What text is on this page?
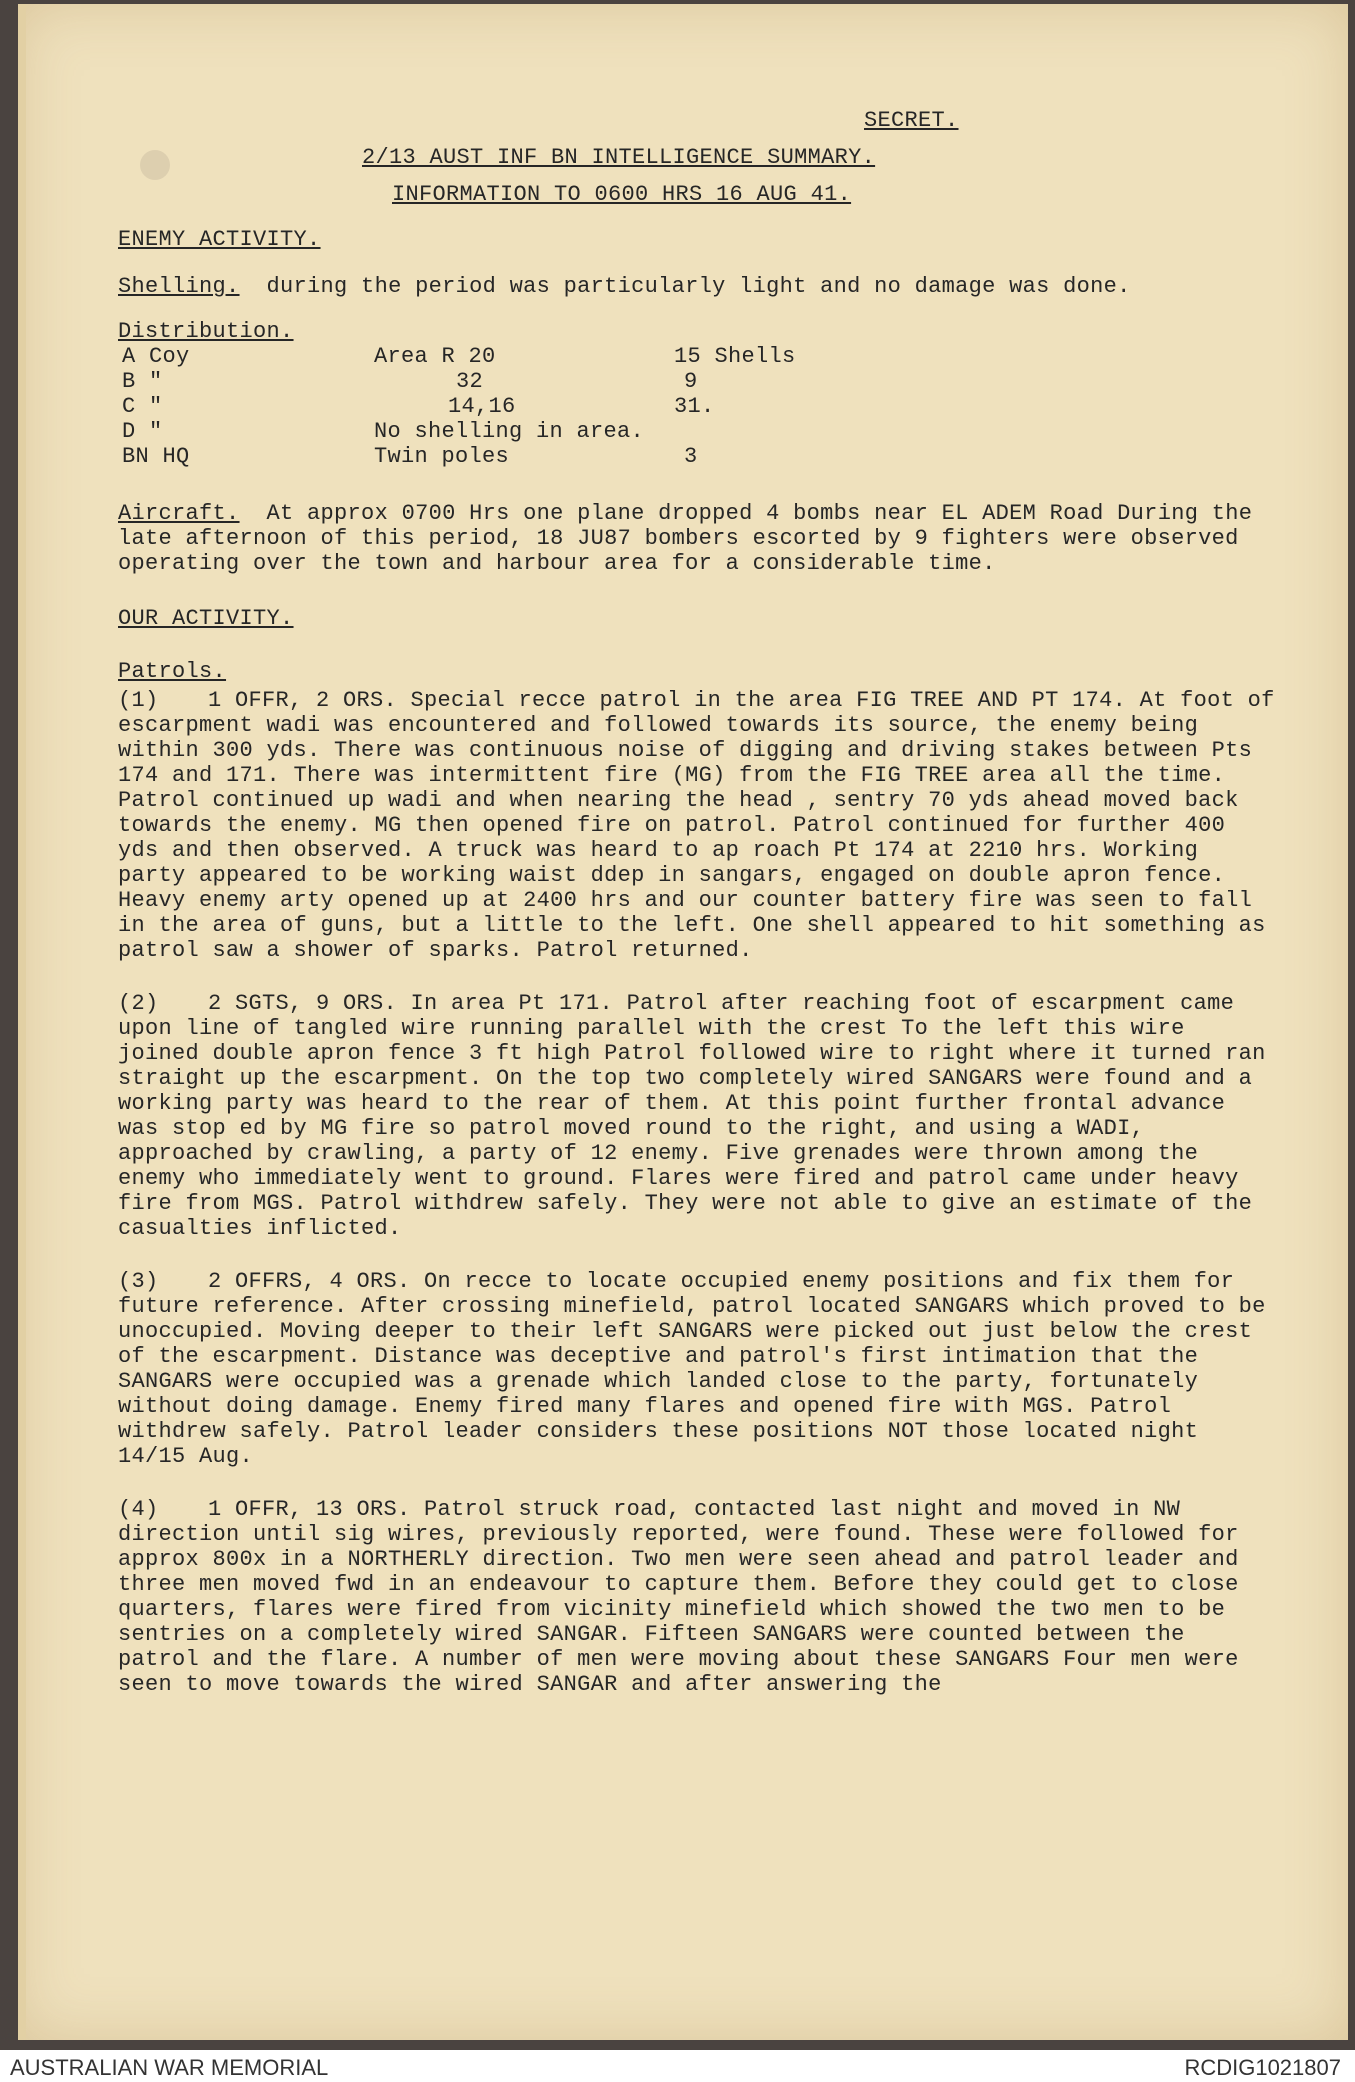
SECRET.
2/13 AUST INF BN INTELLIGENCE SUMMARY.
INFORMATION TO 0600 HRS 16 AUG 41.
ENEMY ACTIVITY.
Shelling. during the period was particularly light and no damage was done.
Distribution.
A Coy	Area R 20	15 Shells
B "	32	9
C "	14,16	31.
D "	No shelling in area.
BN HQ	Twin poles	3
Aircraft. At approx 0700 Hrs one plane dropped 4 bombs near EL ADEM Road During the late afternoon of this period, 18 JU87 bombers escorted by 9 fighters were observed operating over the town and harbour area for a considerable time.
OUR ACTIVITY.
Patrols.
(1) 1 OFFR, 2 ORS. Special recce patrol in the area FIG TREE AND PT 174. At foot of escarpment wadi was encountered and followed towards its source, the enemy being within 300 yds. There was continuous noise of digging and driving stakes between Pts 174 and 171. There was intermittent fire (MG) from the FIG TREE area all the time. Patrol continued up wadi and when nearing the head , sentry 70 yds ahead moved back towards the enemy. MG then opened fire on patrol. Patrol continued for further 400 yds and then observed. A truck was heard to ap roach Pt 174 at 2210 hrs. Working party appeared to be working waist ddep in sangars, engaged on double apron fence. Heavy enemy arty opened up at 2400 hrs and our counter battery fire was seen to fall in the area of guns, but a little to the left. One shell appeared to hit something as patrol saw a shower of sparks. Patrol returned.
(2) 2 SGTS, 9 ORS. In area Pt 171. Patrol after reaching foot of escarpment came upon line of tangled wire running parallel with the crest To the left this wire joined double apron fence 3 ft high Patrol followed wire to right where it turned ran straight up the escarpment. On the top two completely wired SANGARS were found and a working party was heard to the rear of them. At this point further frontal advance was stop ed by MG fire so patrol moved round to the right, and using a WADI, approached by crawling, a party of 12 enemy. Five grenades were thrown among the enemy who immediately went to ground. Flares were fired and patrol came under heavy fire from MGS. Patrol withdrew safely. They were not able to give an estimate of the casualties inflicted.
(3) 2 OFFRS, 4 ORS. On recce to locate occupied enemy positions and fix them for future reference. After crossing minefield, patrol located SANGARS which proved to be unoccupied. Moving deeper to their left SANGARS were picked out just below the crest of the escarpment. Distance was deceptive and patrol's first intimation that the SANGARS were occupied was a grenade which landed close to the party, fortunately without doing damage. Enemy fired many flares and opened fire with MGS. Patrol withdrew safely. Patrol leader considers these positions NOT those located night 14/15 Aug.
(4) 1 OFFR, 13 ORS. Patrol struck road, contacted last night and moved in NW direction until sig wires, previously reported, were found. These were followed for approx 800x in a NORTHERLY direction. Two men were seen ahead and patrol leader and three men moved fwd in an endeavour to capture them. Before they could get to close quarters, flares were fired from vicinity minefield which showed the two men to be sentries on a completely wired SANGAR. Fifteen SANGARS were counted between the patrol and the flare. A number of men were moving about these SANGARS Four men were seen to move towards the wired SANGAR and after answering the
AUSTRALIAN WAR MEMORIAL	RCDIG1021807
